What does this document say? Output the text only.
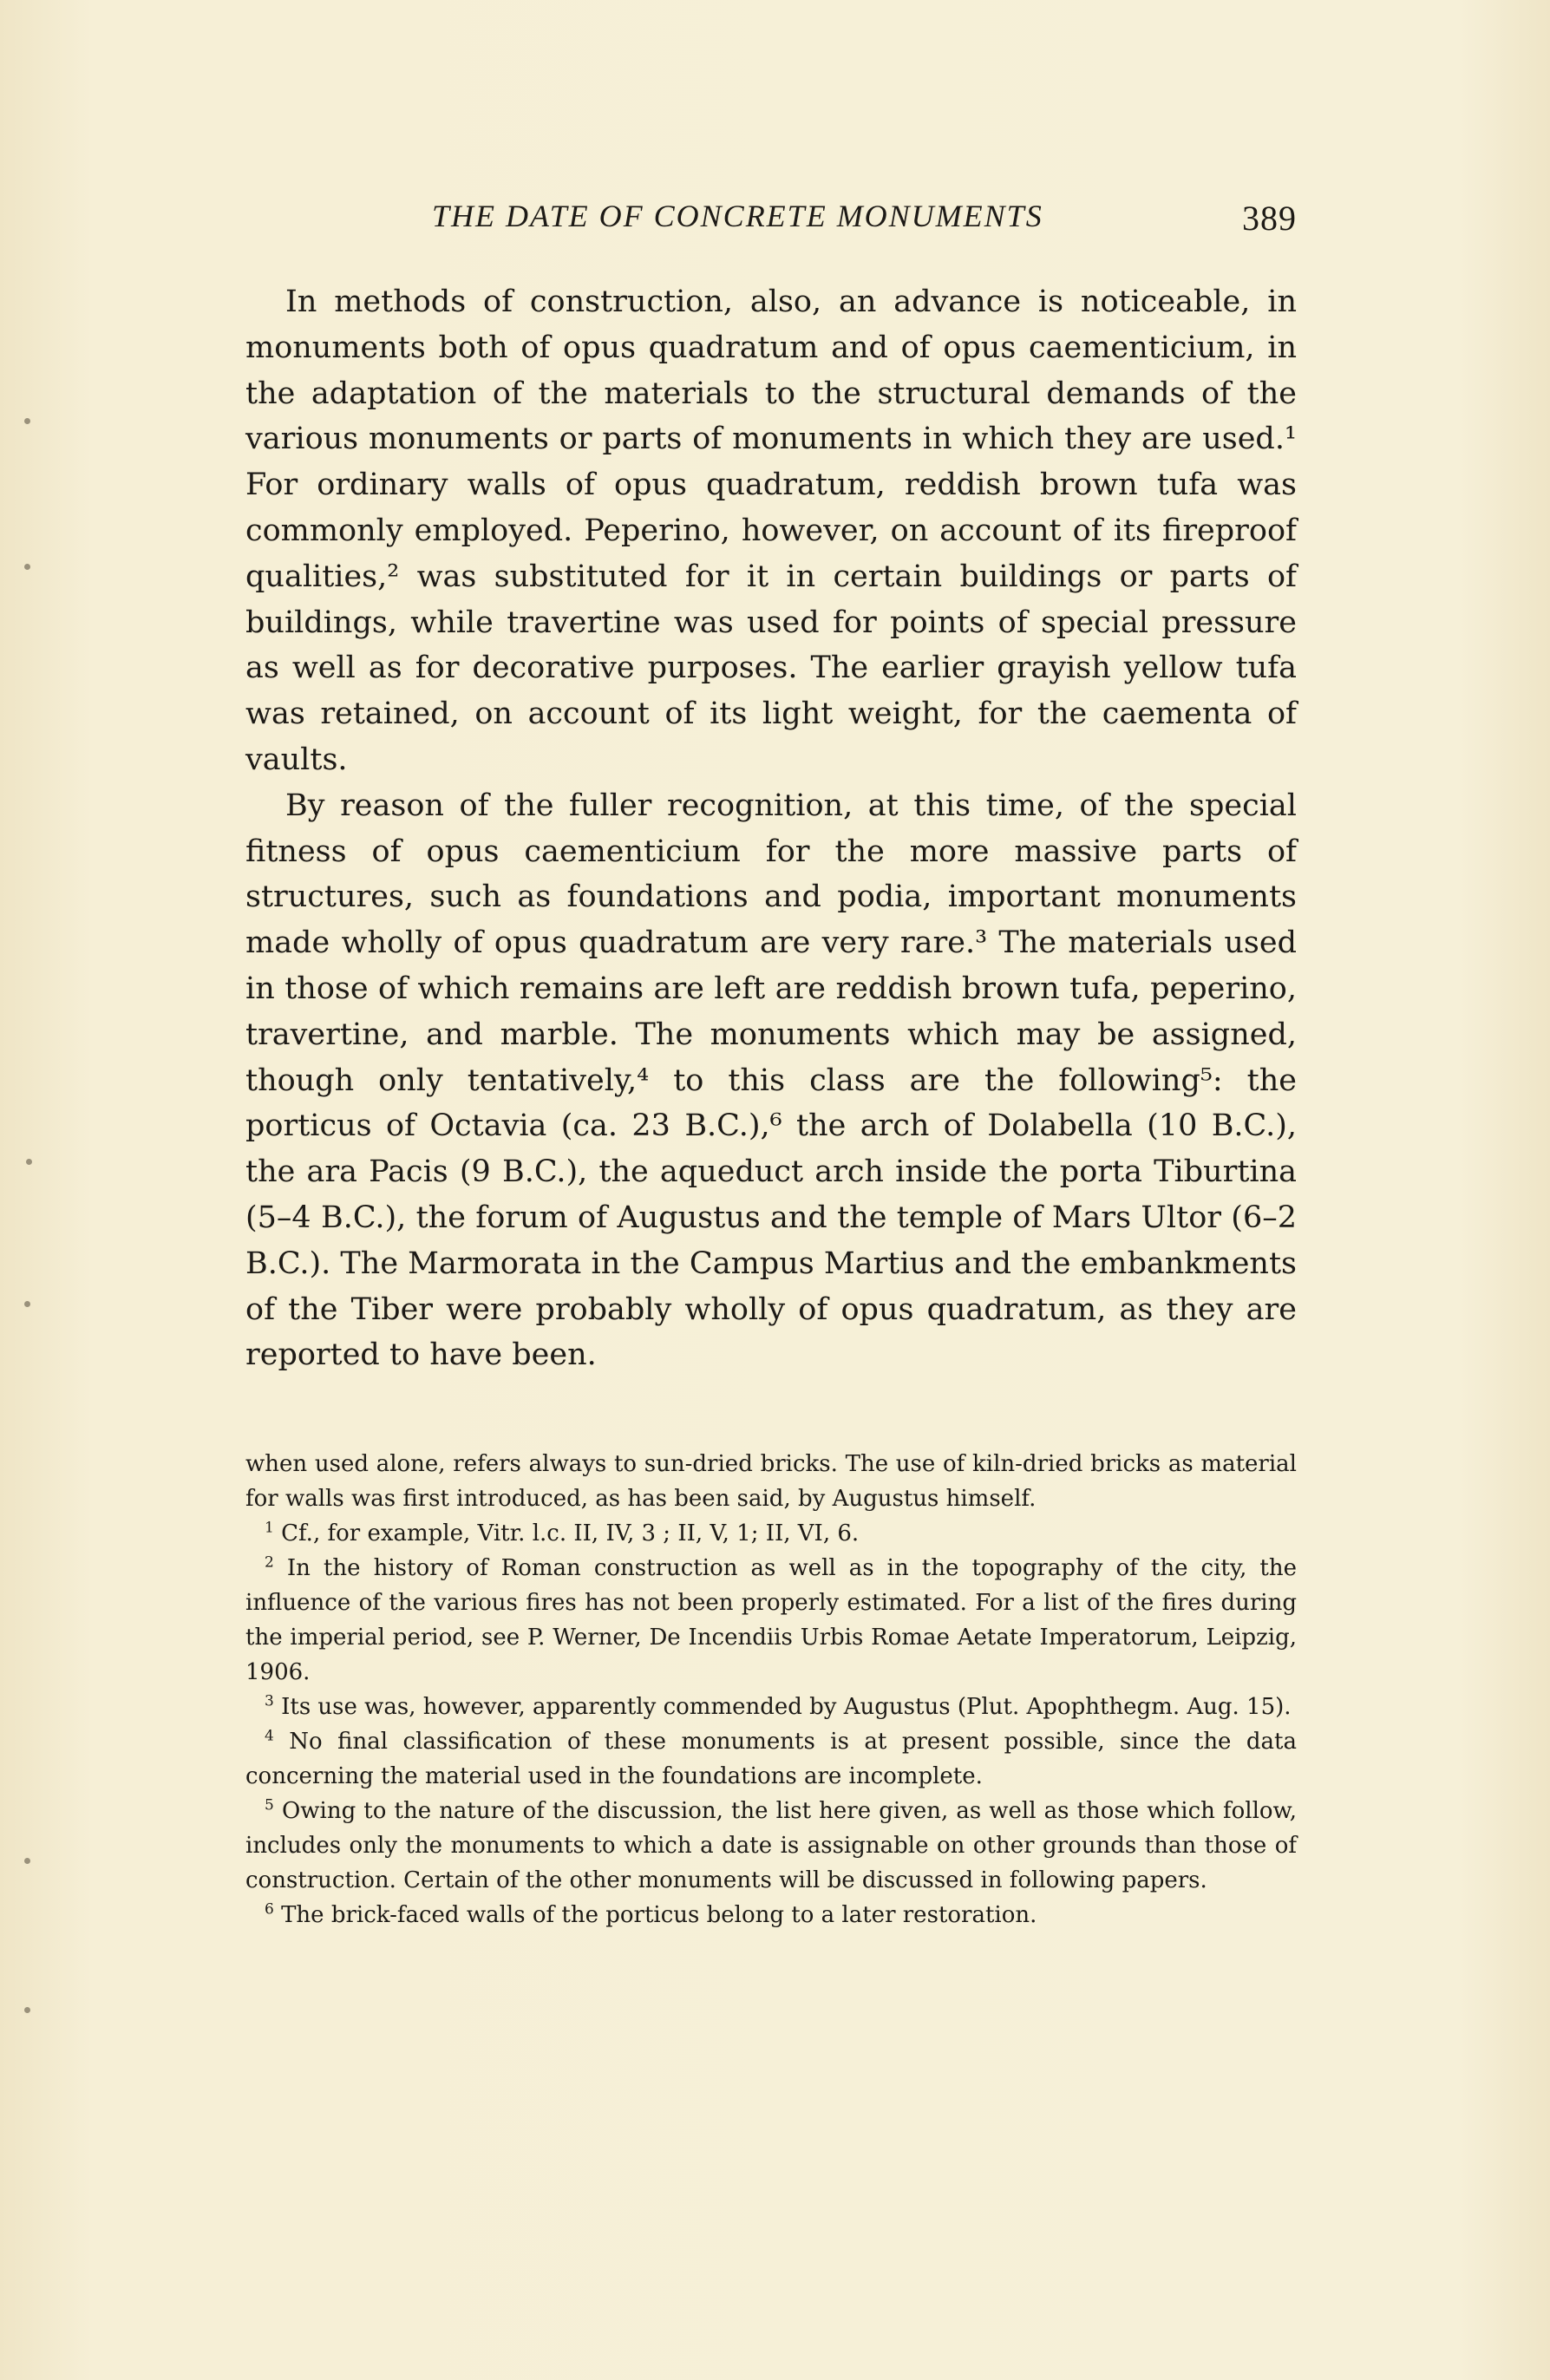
THE DATE OF CONCRETE MONUMENTS	389

In methods of construction, also, an advance is noticeable, in monuments both of opus quadratum and of opus caementicium, in the adaptation of the materials to the structural demands of the various monuments or parts of monuments in which they are used.¹ For ordinary walls of opus quadratum, reddish brown tufa was commonly employed. Peperino, however, on account of its fireproof qualities,² was substituted for it in certain buildings or parts of buildings, while travertine was used for points of special pressure as well as for decorative purposes. The earlier grayish yellow tufa was retained, on account of its light weight, for the caementa of vaults.

By reason of the fuller recognition, at this time, of the special fitness of opus caementicium for the more massive parts of structures, such as foundations and podia, important monuments made wholly of opus quadratum are very rare.³ The materials used in those of which remains are left are reddish brown tufa, peperino, travertine, and marble. The monuments which may be assigned, though only tentatively,⁴ to this class are the following⁵: the porticus of Octavia (ca. 23 B.C.),⁶ the arch of Dolabella (10 B.C.), the ara Pacis (9 B.C.), the aqueduct arch inside the porta Tiburtina (5–4 B.C.), the forum of Augustus and the temple of Mars Ultor (6–2 B.C.). The Marmorata in the Campus Martius and the embankments of the Tiber were probably wholly of opus quadratum, as they are reported to have been.

when used alone, refers always to sun-dried bricks. The use of kiln-dried bricks as material for walls was first introduced, as has been said, by Augustus himself.

$^1$ Cf., for example, Vitr. l.c. II, IV, 3 ; II, V, 1; II, VI, 6.

$^2$ In the history of Roman construction as well as in the topography of the city, the influence of the various fires has not been properly estimated. For a list of the fires during the imperial period, see P. Werner, De Incendiis Urbis Romae Aetate Imperatorum, Leipzig, 1906.

$^3$ Its use was, however, apparently commended by Augustus (Plut. Apophthegm. Aug. 15).

$^4$ No final classification of these monuments is at present possible, since the data concerning the material used in the foundations are incomplete.

$^5$ Owing to the nature of the discussion, the list here given, as well as those which follow, includes only the monuments to which a date is assignable on other grounds than those of construction. Certain of the other monuments will be discussed in following papers.

$^6$ The brick-faced walls of the porticus belong to a later restoration.
